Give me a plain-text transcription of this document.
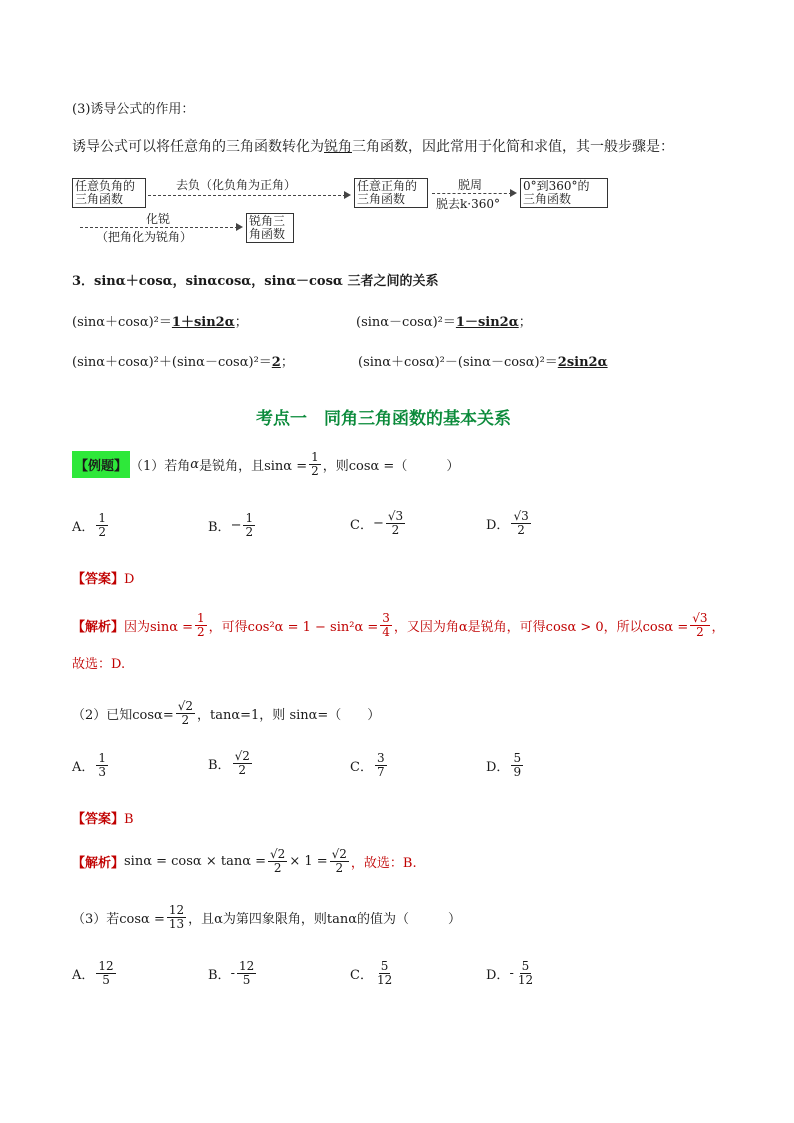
(3)诱导公式的作用：
诱导公式可以将任意角的三角函数转化为锐角三角函数，因此常用于化简和求值，其一般步骤是：
任意负角的
三角函数
去负（化负角为正角）	任意正角的
三角函数
脱周
脱去k·360°
0°到360°的
三角函数
化锐
（把角化为锐角）
锐角三
角函数
3．sinα＋cosα，sinαcosα，sinα－cosα 三者之间的关系
(sinα＋cosα)²＝1＋sin2α；	(sinα－cosα)²＝1－sin2α；
(sinα＋cosα)²＋(sinα－cosα)²＝2；	(sinα＋cosα)²－(sinα－cosα)²＝2sin2α
考点一　同角三角函数的基本关系
【例题】 （1）若角 α 是锐角，且$\sin\alpha = \frac{1}{2}$ ，则cosα =（　　　）
A． $\frac{1}{2}$	B． − $\frac{1}{2}$	C． − $\frac{√3}{2}$	D． $\frac{√3}{2}$
【答案】D
【解析】 因为$\sin\alpha = \frac{1}{2}$ ，可得$\cos^2\alpha = 1 - \sin^2\alpha = \frac{3}{4}$ ，又因为角α是锐角，可得cosα > 0，所以$\cos\alpha = \frac{√3}{2}$ ，
故选：D.
（2）已知$\cos\alpha= \frac{√2}{2}$ ，tanα=1，则 sinα=（　　）
A． $\frac{1}{3}$	B． $\frac{√2}{2}$	C． $\frac{3}{7}$	D． $\frac{5}{9}$
【答案】B
【解析】 $\sin\alpha = \cos\alpha \times \tan\alpha = \frac{√2}{2} \times 1 = \frac{√2}{2}$ ，故选：B.
（3）若$\cos\alpha = \frac{12}{13}$ ，且α为第四象限角，则tanα的值为（　　　）
A． $\frac{12}{5}$	B． - $\frac{12}{5}$	C． $\frac{5}{12}$	D． - $\frac{5}{12}$
